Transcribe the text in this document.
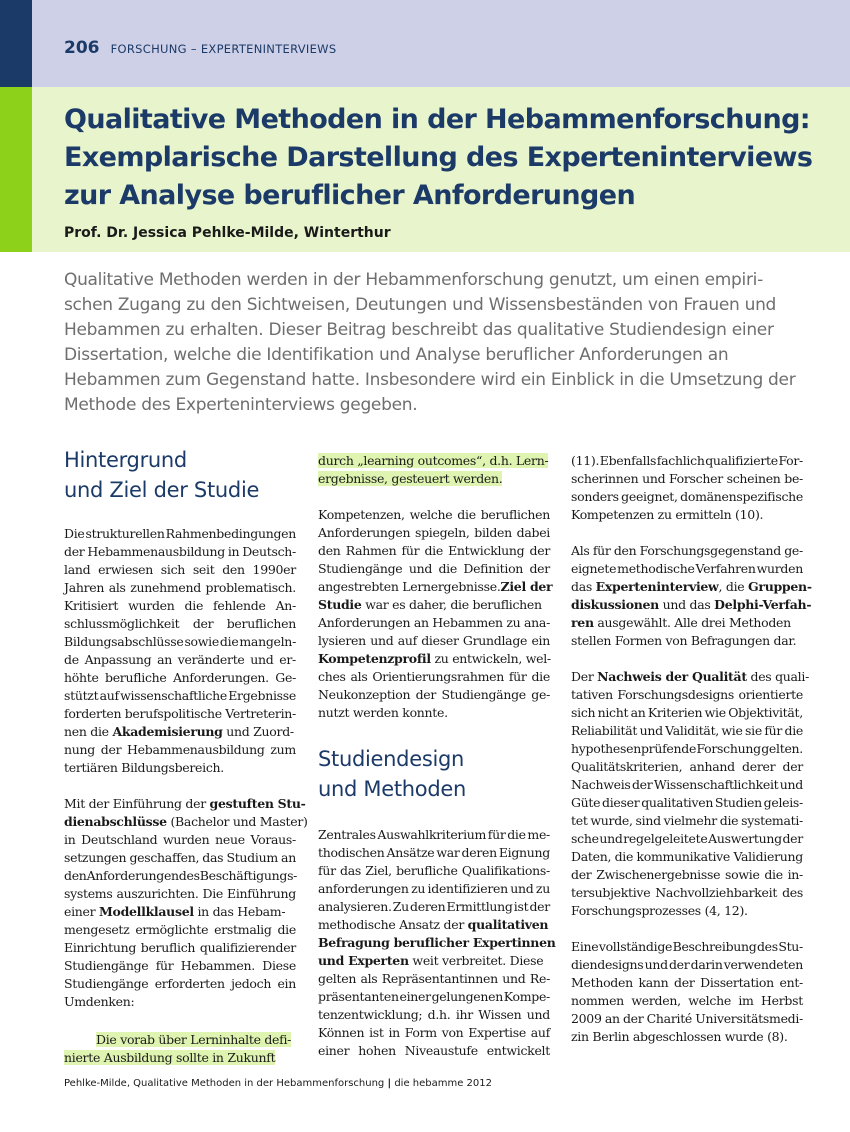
206 FORSCHUNG – EXPERTENINTERVIEWS
Qualitative Methoden in der Hebammenforschung:
Exemplarische Darstellung des Experteninterviews
zur Analyse beruflicher Anforderungen
Prof. Dr. Jessica Pehlke-Milde, Winterthur
Qualitative Methoden werden in der Hebammenforschung genutzt, um einen empiri-
schen Zugang zu den Sichtweisen, Deutungen und Wissensbeständen von Frauen und
Hebammen zu erhalten. Dieser Beitrag beschreibt das qualitative Studiendesign einer
Dissertation, welche die Identifikation und Analyse beruflicher Anforderungen an
Hebammen zum Gegenstand hatte. Insbesondere wird ein Einblick in die Umsetzung der
Methode des Experteninterviews gegeben.
Hintergrund
und Ziel der Studie
Die strukturellen Rahmenbedingungen
der Hebammenausbildung in Deutsch-
land erwiesen sich seit den 1990er
Jahren als zunehmend problematisch.
Kritisiert wurden die fehlende An-
schlussmöglichkeit der beruflichen
Bildungsabschlüsse sowie die mangeln-
de Anpassung an veränderte und er-
höhte berufliche Anforderungen. Ge-
stützt auf wissenschaftliche Ergebnisse
forderten berufspolitische Vertreterin-
nen die Akademisierung und Zuord-
nung der Hebammenausbildung zum
tertiären Bildungsbereich.
Mit der Einführung der gestuften Stu-
dienabschlüsse (Bachelor und Master)
in Deutschland wurden neue Voraus-
setzungen geschaffen, das Studium an
den Anforderungen des Beschäftigungs-
systems auszurichten. Die Einführung
einer Modellklausel in das Hebam-
mengesetz ermöglichte erstmalig die
Einrichtung beruflich qualifizierender
Studiengänge für Hebammen. Diese
Studiengänge erforderten jedoch ein
Umdenken:
Die vorab über Lerninhalte defi-
nierte Ausbildung sollte in Zukunft
durch „learning outcomes“, d.h. Lern-
ergebnisse, gesteuert werden.
Kompetenzen, welche die beruflichen
Anforderungen spiegeln, bilden dabei
den Rahmen für die Entwicklung der
Studiengänge und die Definition der
angestrebten Lernergebnisse. Ziel der
Studie war es daher, die beruflichen
Anforderungen an Hebammen zu ana-
lysieren und auf dieser Grundlage ein
Kompetenzprofil zu entwickeln, wel-
ches als Orientierungsrahmen für die
Neukonzeption der Studiengänge ge-
nutzt werden konnte.
Studiendesign
und Methoden
Zentrales Auswahlkriterium für die me-
thodischen Ansätze war deren Eignung
für das Ziel, berufliche Qualifikations-
anforderungen zu identifizieren und zu
analysieren. Zu deren Ermittlung ist der
methodische Ansatz der qualitativen
Befragung beruflicher Expertinnen
und Experten weit verbreitet. Diese
gelten als Repräsentantinnen und Re-
präsentanten einer gelungenen Kompe-
tenzentwicklung; d.h. ihr Wissen und
Können ist in Form von Expertise auf
einer hohen Niveaustufe entwickelt
(11). Ebenfalls fachlich qualifizierte For-
scherinnen und Forscher scheinen be-
sonders geeignet, domänenspezifische
Kompetenzen zu ermitteln (10).
Als für den Forschungsgegenstand ge-
eignete methodische Verfahren wurden
das Experteninterview, die Gruppen-
diskussionen und das Delphi-Verfah-
ren ausgewählt. Alle drei Methoden
stellen Formen von Befragungen dar.
Der Nachweis der Qualität des quali-
tativen Forschungsdesigns orientierte
sich nicht an Kriterien wie Objektivität,
Reliabilität und Validität, wie sie für die
hypothesenprüfende Forschung gelten.
Qualitätskriterien, anhand derer der
Nachweis der Wissenschaftlichkeit und
Güte dieser qualitativen Studien geleis-
tet wurde, sind vielmehr die systemati-
sche und regelgeleitete Auswertung der
Daten, die kommunikative Validierung
der Zwischenergebnisse sowie die in-
tersubjektive Nachvollziehbarkeit des
Forschungsprozesses (4, 12).
Eine vollständige Beschreibung des Stu-
diendesigns und der darin verwendeten
Methoden kann der Dissertation ent-
nommen werden, welche im Herbst
2009 an der Charité Universitätsmedi-
zin Berlin abgeschlossen wurde (8).
Pehlke-Milde, Qualitative Methoden in der Hebammenforschung | die hebamme 2012
